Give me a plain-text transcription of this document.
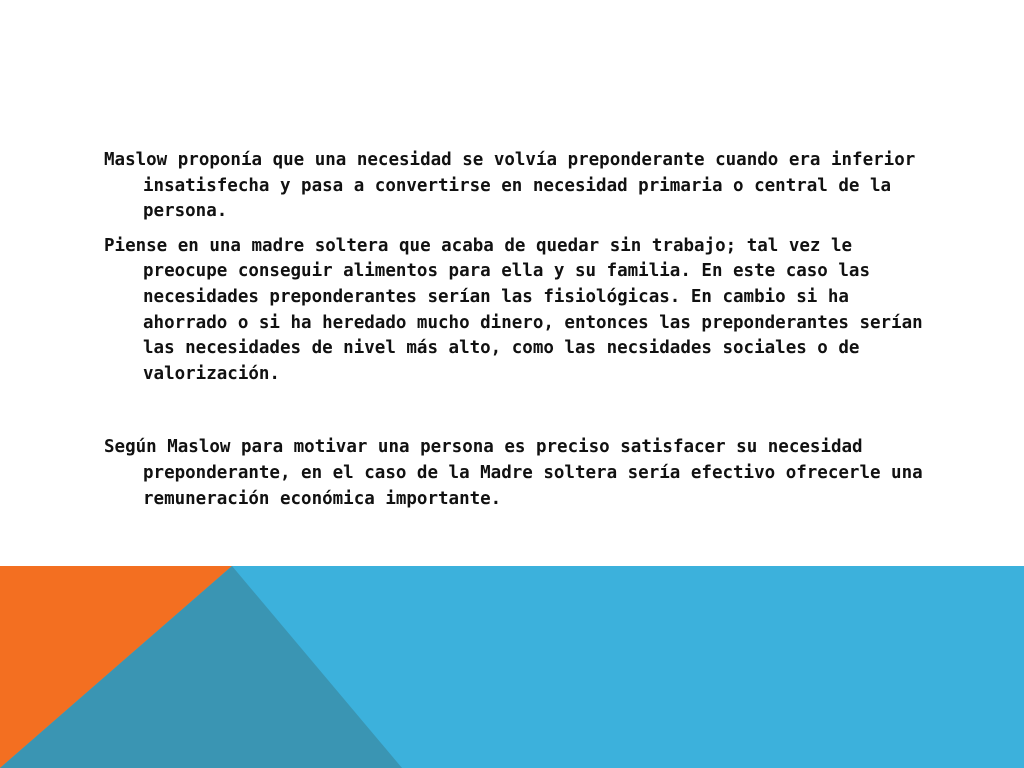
Maslow proponía que una necesidad se volvía preponderante cuando era inferior insatisfecha y pasa a convertirse en necesidad primaria o central de la persona.

Piense en una madre soltera que acaba de quedar sin trabajo; tal vez le preocupe conseguir alimentos para ella y su familia. En este caso las necesidades preponderantes serían las fisiológicas. En cambio si ha ahorrado o si ha heredado mucho dinero, entonces las preponderantes serían las necesidades de nivel más alto, como las necsidades sociales o de valorización.

Según Maslow para motivar una persona es preciso satisfacer su necesidad preponderante, en el caso de la Madre soltera sería efectivo ofrecerle una remuneración económica importante.
